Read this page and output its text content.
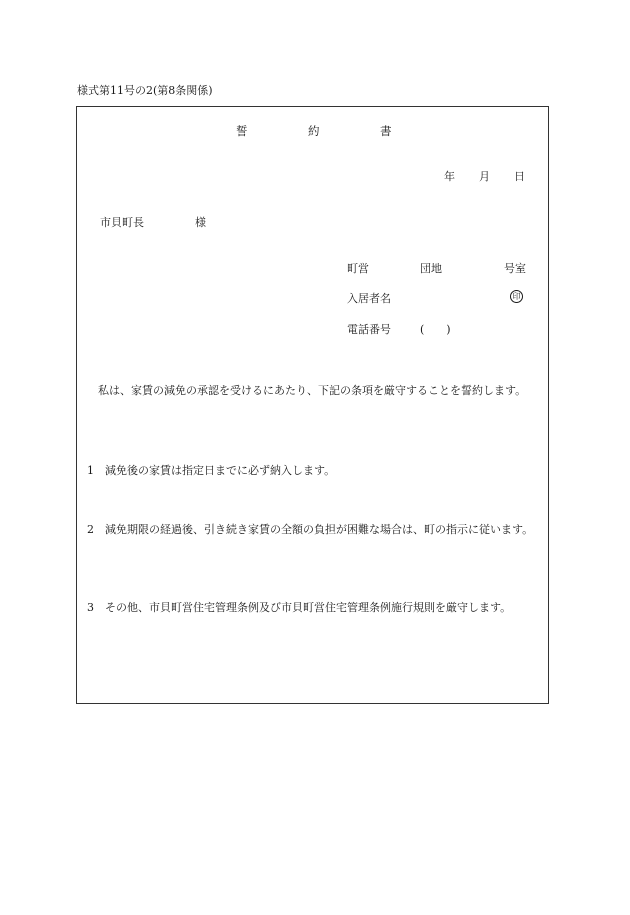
様式第11号の2(第8条関係)
誓	約	書
年 月 日
市貝町長	様
町営	団地	号室
入居者名	印
電話番号	(　　)
　私は、家賃の減免の承認を受けるにあたり、下記の条項を厳守することを誓約します。
1　減免後の家賃は指定日までに必ず納入します。
2　減免期限の経過後、引き続き家賃の全額の負担が困難な場合は、町の指示に従います。
3　その他、市貝町営住宅管理条例及び市貝町営住宅管理条例施行規則を厳守します。
